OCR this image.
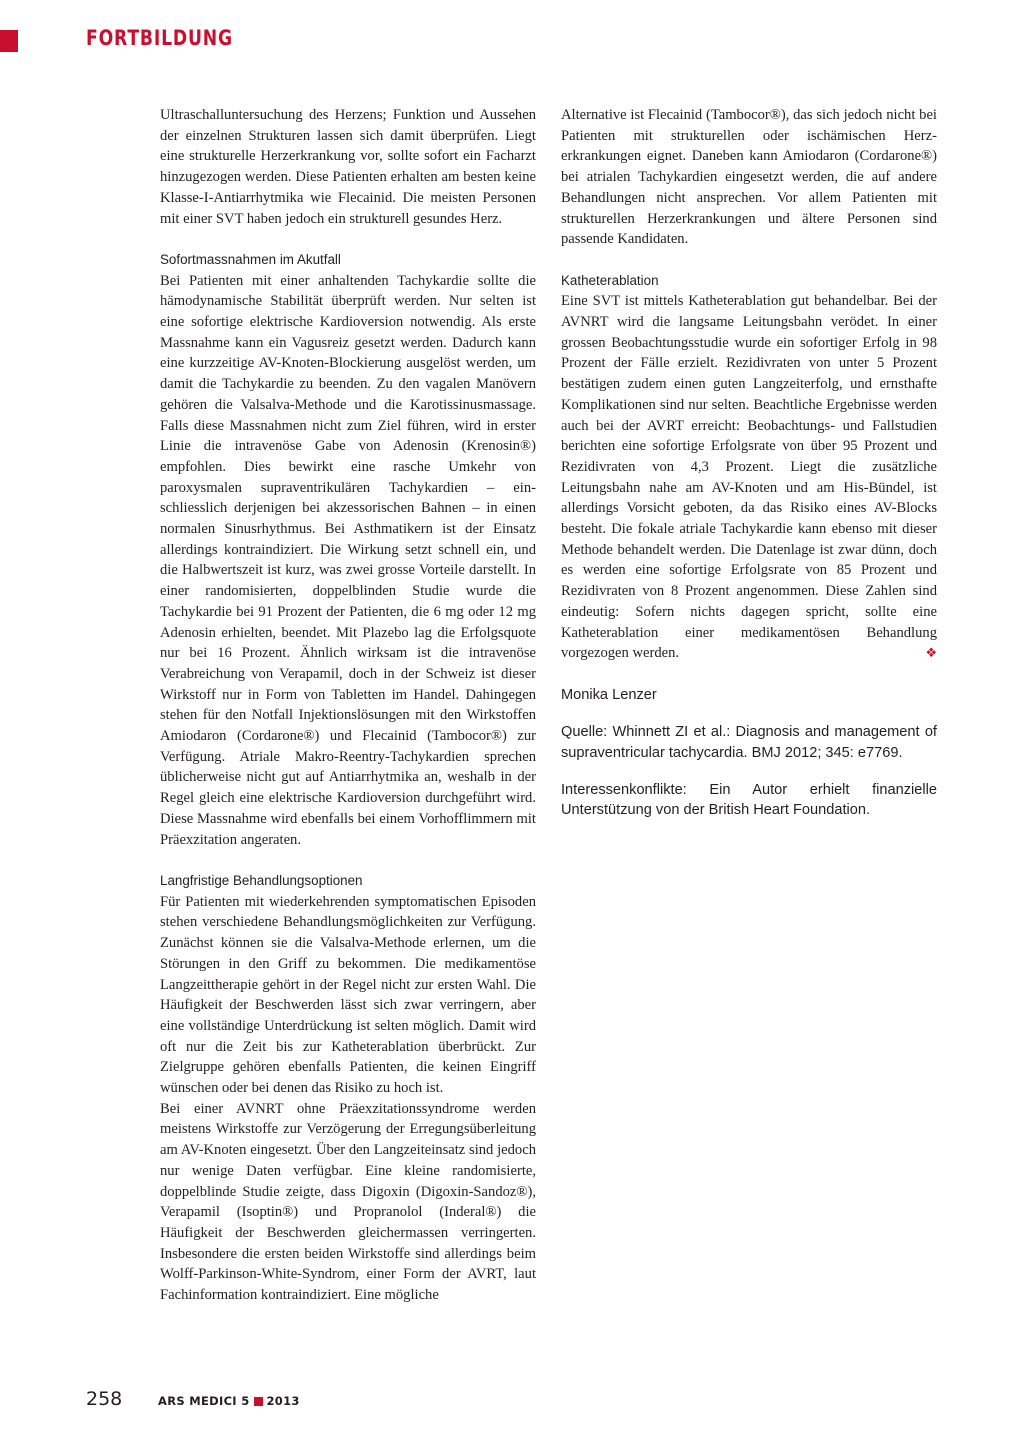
FORTBILDUNG

Ultraschalluntersuchung des Herzens; Funktion und Aussehen der einzelnen Strukturen lassen sich damit überprüfen. Liegt eine strukturelle Herzerkrankung vor, sollte sofort ein Facharzt hinzugezogen werden. Diese Patienten erhalten am besten keine Klasse-I-Antiarrhytmika wie Flecainid. Die meisten Personen mit einer SVT haben jedoch ein strukturell gesundes Herz.

Sofortmassnahmen im Akutfall

Bei Patienten mit einer anhaltenden Tachykardie sollte die hämodynamische Stabilität überprüft werden. Nur selten ist eine sofortige elektrische Kardioversion notwendig. Als erste Massnahme kann ein Vagusreiz gesetzt werden. Dadurch kann eine kurzzeitige AV-Knoten-Blockierung ausgelöst werden, um damit die Tachykardie zu beenden. Zu den vagalen Manövern gehören die Valsalva-Methode und die Karotissinusmassage. Falls diese Massnahmen nicht zum Ziel führen, wird in erster Linie die intravenöse Gabe von Adenosin (Krenosin®) empfohlen. Dies bewirkt eine rasche Umkehr von paroxysmalen supraventrikulären Tachykardien – einschliesslich derjenigen bei akzessorischen Bahnen – in einen normalen Sinusrhythmus. Bei Asthmatikern ist der Einsatz allerdings kontraindiziert. Die Wirkung setzt schnell ein, und die Halbwertszeit ist kurz, was zwei grosse Vorteile darstellt. In einer randomisierten, doppelblinden Studie wurde die Tachykardie bei 91 Prozent der Patienten, die 6 mg oder 12 mg Adenosin erhielten, beendet. Mit Plazebo lag die Erfolgsquote nur bei 16 Prozent. Ähnlich wirksam ist die intravenöse Verabreichung von Verapamil, doch in der Schweiz ist dieser Wirkstoff nur in Form von Tabletten im Handel. Dahingegen stehen für den Notfall Injektionslösungen mit den Wirkstoffen Amiodaron (Cordarone®) und Flecainid (Tambocor®) zur Verfügung. Atriale Makro-Reentry-Tachykardien sprechen üblicherweise nicht gut auf Antiarrhytmika an, weshalb in der Regel gleich eine elektrische Kardioversion durchgeführt wird. Diese Massnahme wird ebenfalls bei einem Vorhofflimmern mit Präexzitation angeraten.

Langfristige Behandlungsoptionen

Für Patienten mit wiederkehrenden symptomatischen Episoden stehen verschiedene Behandlungsmöglichkeiten zur Verfügung. Zunächst können sie die Valsalva-Methode erlernen, um die Störungen in den Griff zu bekommen. Die medikamentöse Langzeittherapie gehört in der Regel nicht zur ersten Wahl. Die Häufigkeit der Beschwerden lässt sich zwar verringern, aber eine vollständige Unterdrückung ist selten möglich. Damit wird oft nur die Zeit bis zur Katheterablation überbrückt. Zur Zielgruppe gehören ebenfalls Patienten, die keinen Eingriff wünschen oder bei denen das Risiko zu hoch ist.

Bei einer AVNRT ohne Präexzitationssyndrome werden meistens Wirkstoffe zur Verzögerung der Erregungsüberleitung am AV-Knoten eingesetzt. Über den Langzeiteinsatz sind jedoch nur wenige Daten verfügbar. Eine kleine randomisierte, doppelblinde Studie zeigte, dass Digoxin (Digoxin-Sandoz®), Verapamil (Isoptin®) und Propranolol (Inderal®) die Häufigkeit der Beschwerden gleichermassen verringerten. Insbesondere die ersten beiden Wirkstoffe sind allerdings beim Wolff-Parkinson-White-Syndrom, einer Form der AVRT, laut Fachinformation kontraindiziert. Eine mögliche

Alternative ist Flecainid (Tambocor®), das sich jedoch nicht bei Patienten mit strukturellen oder ischämischen Herzerkrankungen eignet. Daneben kann Amiodaron (Cordarone®) bei atrialen Tachykardien eingesetzt werden, die auf andere Behandlungen nicht ansprechen. Vor allem Patienten mit strukturellen Herzerkrankungen und ältere Personen sind passende Kandidaten.

Katheterablation

Eine SVT ist mittels Katheterablation gut behandelbar. Bei der AVNRT wird die langsame Leitungsbahn verödet. In einer grossen Beobachtungsstudie wurde ein sofortiger Erfolg in 98 Prozent der Fälle erzielt. Rezidivraten von unter 5 Prozent bestätigen zudem einen guten Langzeiterfolg, und ernsthafte Komplikationen sind nur selten. Beachtliche Ergebnisse werden auch bei der AVRT erreicht: Beobachtungs- und Fallstudien berichten eine sofortige Erfolgsrate von über 95 Prozent und Rezidivraten von 4,3 Prozent. Liegt die zusätzliche Leitungsbahn nahe am AV-Knoten und am His-Bündel, ist allerdings Vorsicht geboten, da das Risiko eines AV-Blocks besteht. Die fokale atriale Tachykardie kann ebenso mit dieser Methode behandelt werden. Die Datenlage ist zwar dünn, doch es werden eine sofortige Erfolgsrate von 85 Prozent und Rezidivraten von 8 Prozent angenommen. Diese Zahlen sind eindeutig: Sofern nichts dagegen spricht, sollte eine Katheterablation einer medikamentösen Behandlung vorgezogen werden.	❖

Monika Lenzer

Quelle: Whinnett ZI et al.: Diagnosis and management of supraventricular tachycardia. BMJ 2012; 345: e7769.

Interessenkonflikte: Ein Autor erhielt finanzielle Unterstützung von der British Heart Foundation.

258	ARS MEDICI 5 2013
